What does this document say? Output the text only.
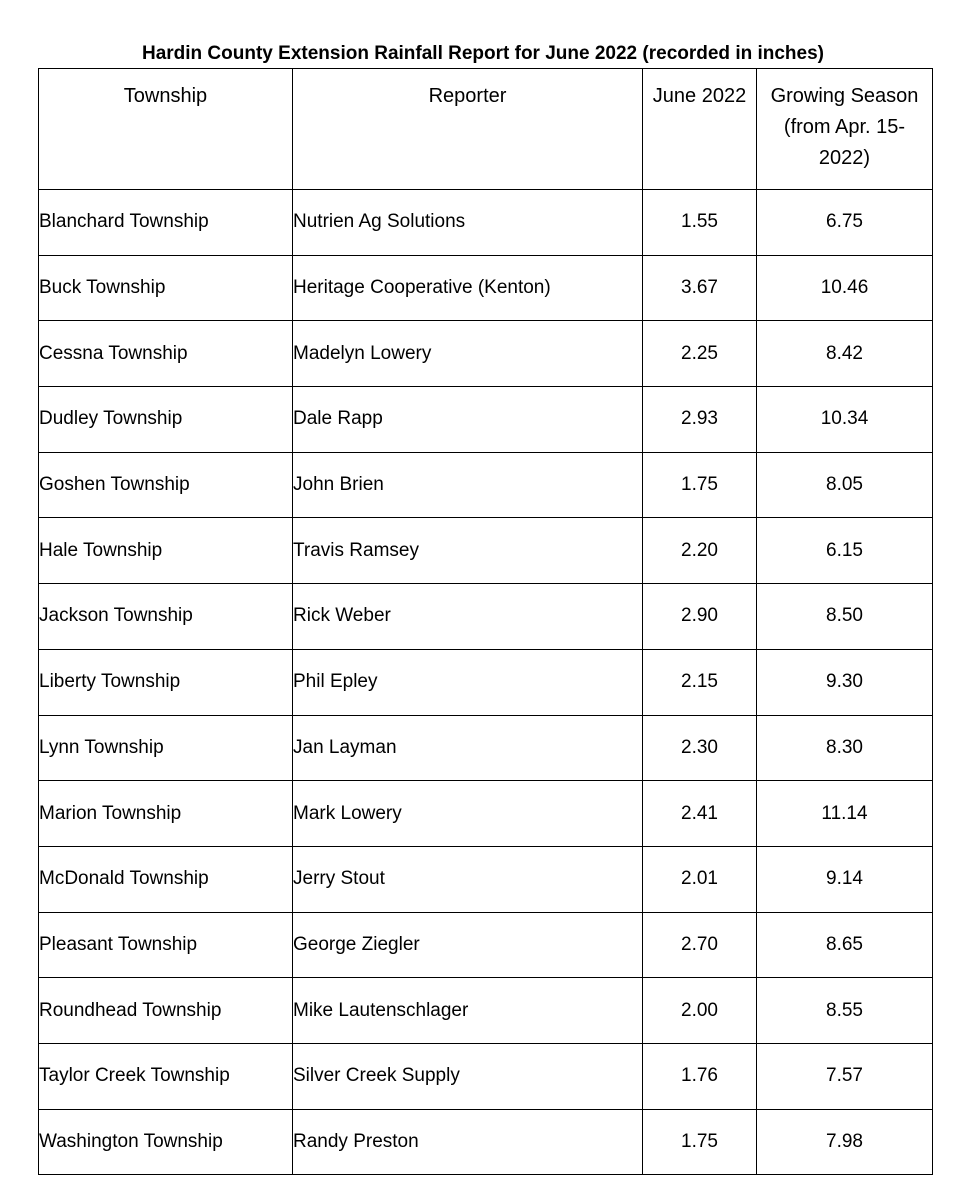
Hardin County Extension Rainfall Report for June 2022 (recorded in inches)
Township	Reporter	June 2022	Growing Season (from Apr. 15- 2022)
Blanchard Township	Nutrien Ag Solutions	1.55	6.75
Buck Township	Heritage Cooperative (Kenton)	3.67	10.46
Cessna Township	Madelyn Lowery	2.25	8.42
Dudley Township	Dale Rapp	2.93	10.34
Goshen Township	John Brien	1.75	8.05
Hale Township	Travis Ramsey	2.20	6.15
Jackson Township	Rick Weber	2.90	8.50
Liberty Township	Phil Epley	2.15	9.30
Lynn Township	Jan Layman	2.30	8.30
Marion Township	Mark Lowery	2.41	11.14
McDonald Township	Jerry Stout	2.01	9.14
Pleasant Township	George Ziegler	2.70	8.65
Roundhead Township	Mike Lautenschlager	2.00	8.55
Taylor Creek Township	Silver Creek Supply	1.76	7.57
Washington Township	Randy Preston	1.75	7.98
